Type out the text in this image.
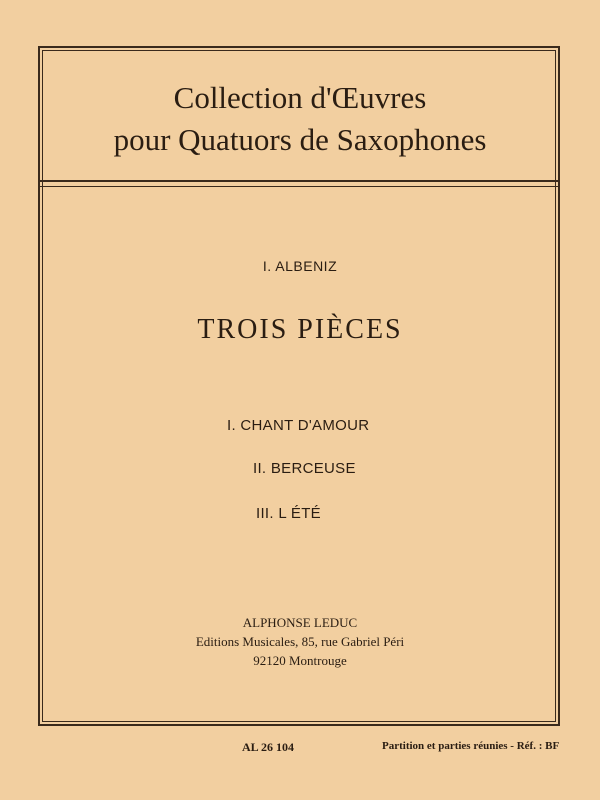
Collection d'Œuvres
pour Quatuors de Saxophones
I. ALBENIZ
TROIS PIÈCES
I. CHANT D'AMOUR
II. BERCEUSE
III. L ÉTÉ
ALPHONSE LEDUC
Editions Musicales, 85, rue Gabriel Péri
92120 Montrouge
AL 26 104	Partition et parties réunies - Réf. : BF
